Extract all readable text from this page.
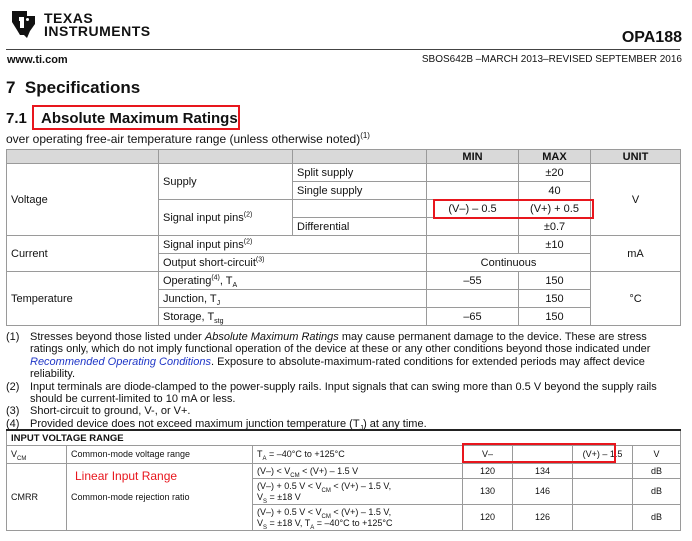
TEXAS
INSTRUMENTS	OPA188
www.ti.com	SBOS642B –MARCH 2013–REVISED SEPTEMBER 2016
7 Specifications
7.1 Absolute Maximum Ratings
over operating free-air temperature range (unless otherwise noted)$^{(1)}$
			MIN	MAX	UNIT
Voltage	Supply	Split supply		±20	V
		Single supply		40	
	Signal input pins$^{(2)}$		(V–) – 0.5	(V+) + 0.5	
		Differential		±0.7	
Current	Signal input pins$^{(2)}$			±10	mA
	Output short-circuit$^{(3)}$		Continuous		
Temperature	Operating$^{(4)}$, $T_A$		–55	150	°C
	Junction, $T_J$			150	
	Storage, $T_{stg}$		–65	150	
(1) Stresses beyond those listed under Absolute Maximum Ratings may cause permanent damage to the device. These are stress ratings only, which do not imply functional operation of the device at these or any other conditions beyond those indicated under Recommended Operating Conditions. Exposure to absolute-maximum-rated conditions for extended periods may affect device reliability.
(2) Input terminals are diode-clamped to the power-supply rails. Input signals that can swing more than 0.5 V beyond the supply rails should be current-limited to 10 mA or less.
(3) Short-circuit to ground, V-, or V+.
(4) Provided device does not exceed maximum junction temperature $(T_J)$ at any time.
INPUT VOLTAGE RANGE						
$V_{CM}$	Common-mode voltage range	$T_A = -40^\circ C$ to +125°C	V–		(V+) – 1.5	V
CMRR	Common-mode rejection ratio	$(V-) < V_{CM} < (V+) - 1.5$ V	120	134		dB
		(V–) + 0.5 $V < V_{CM} < (V+) - 1.5$ V,
$V_S = \pm 18$ V	130	146		dB
		(V–) + 0.5 $V < V_{CM} < (V+) - 1.5$ V,
$V_S = \pm 18$ V, $T_A = -40^\circ C$ to +125°C	120	126		dB
Linear Input Range
